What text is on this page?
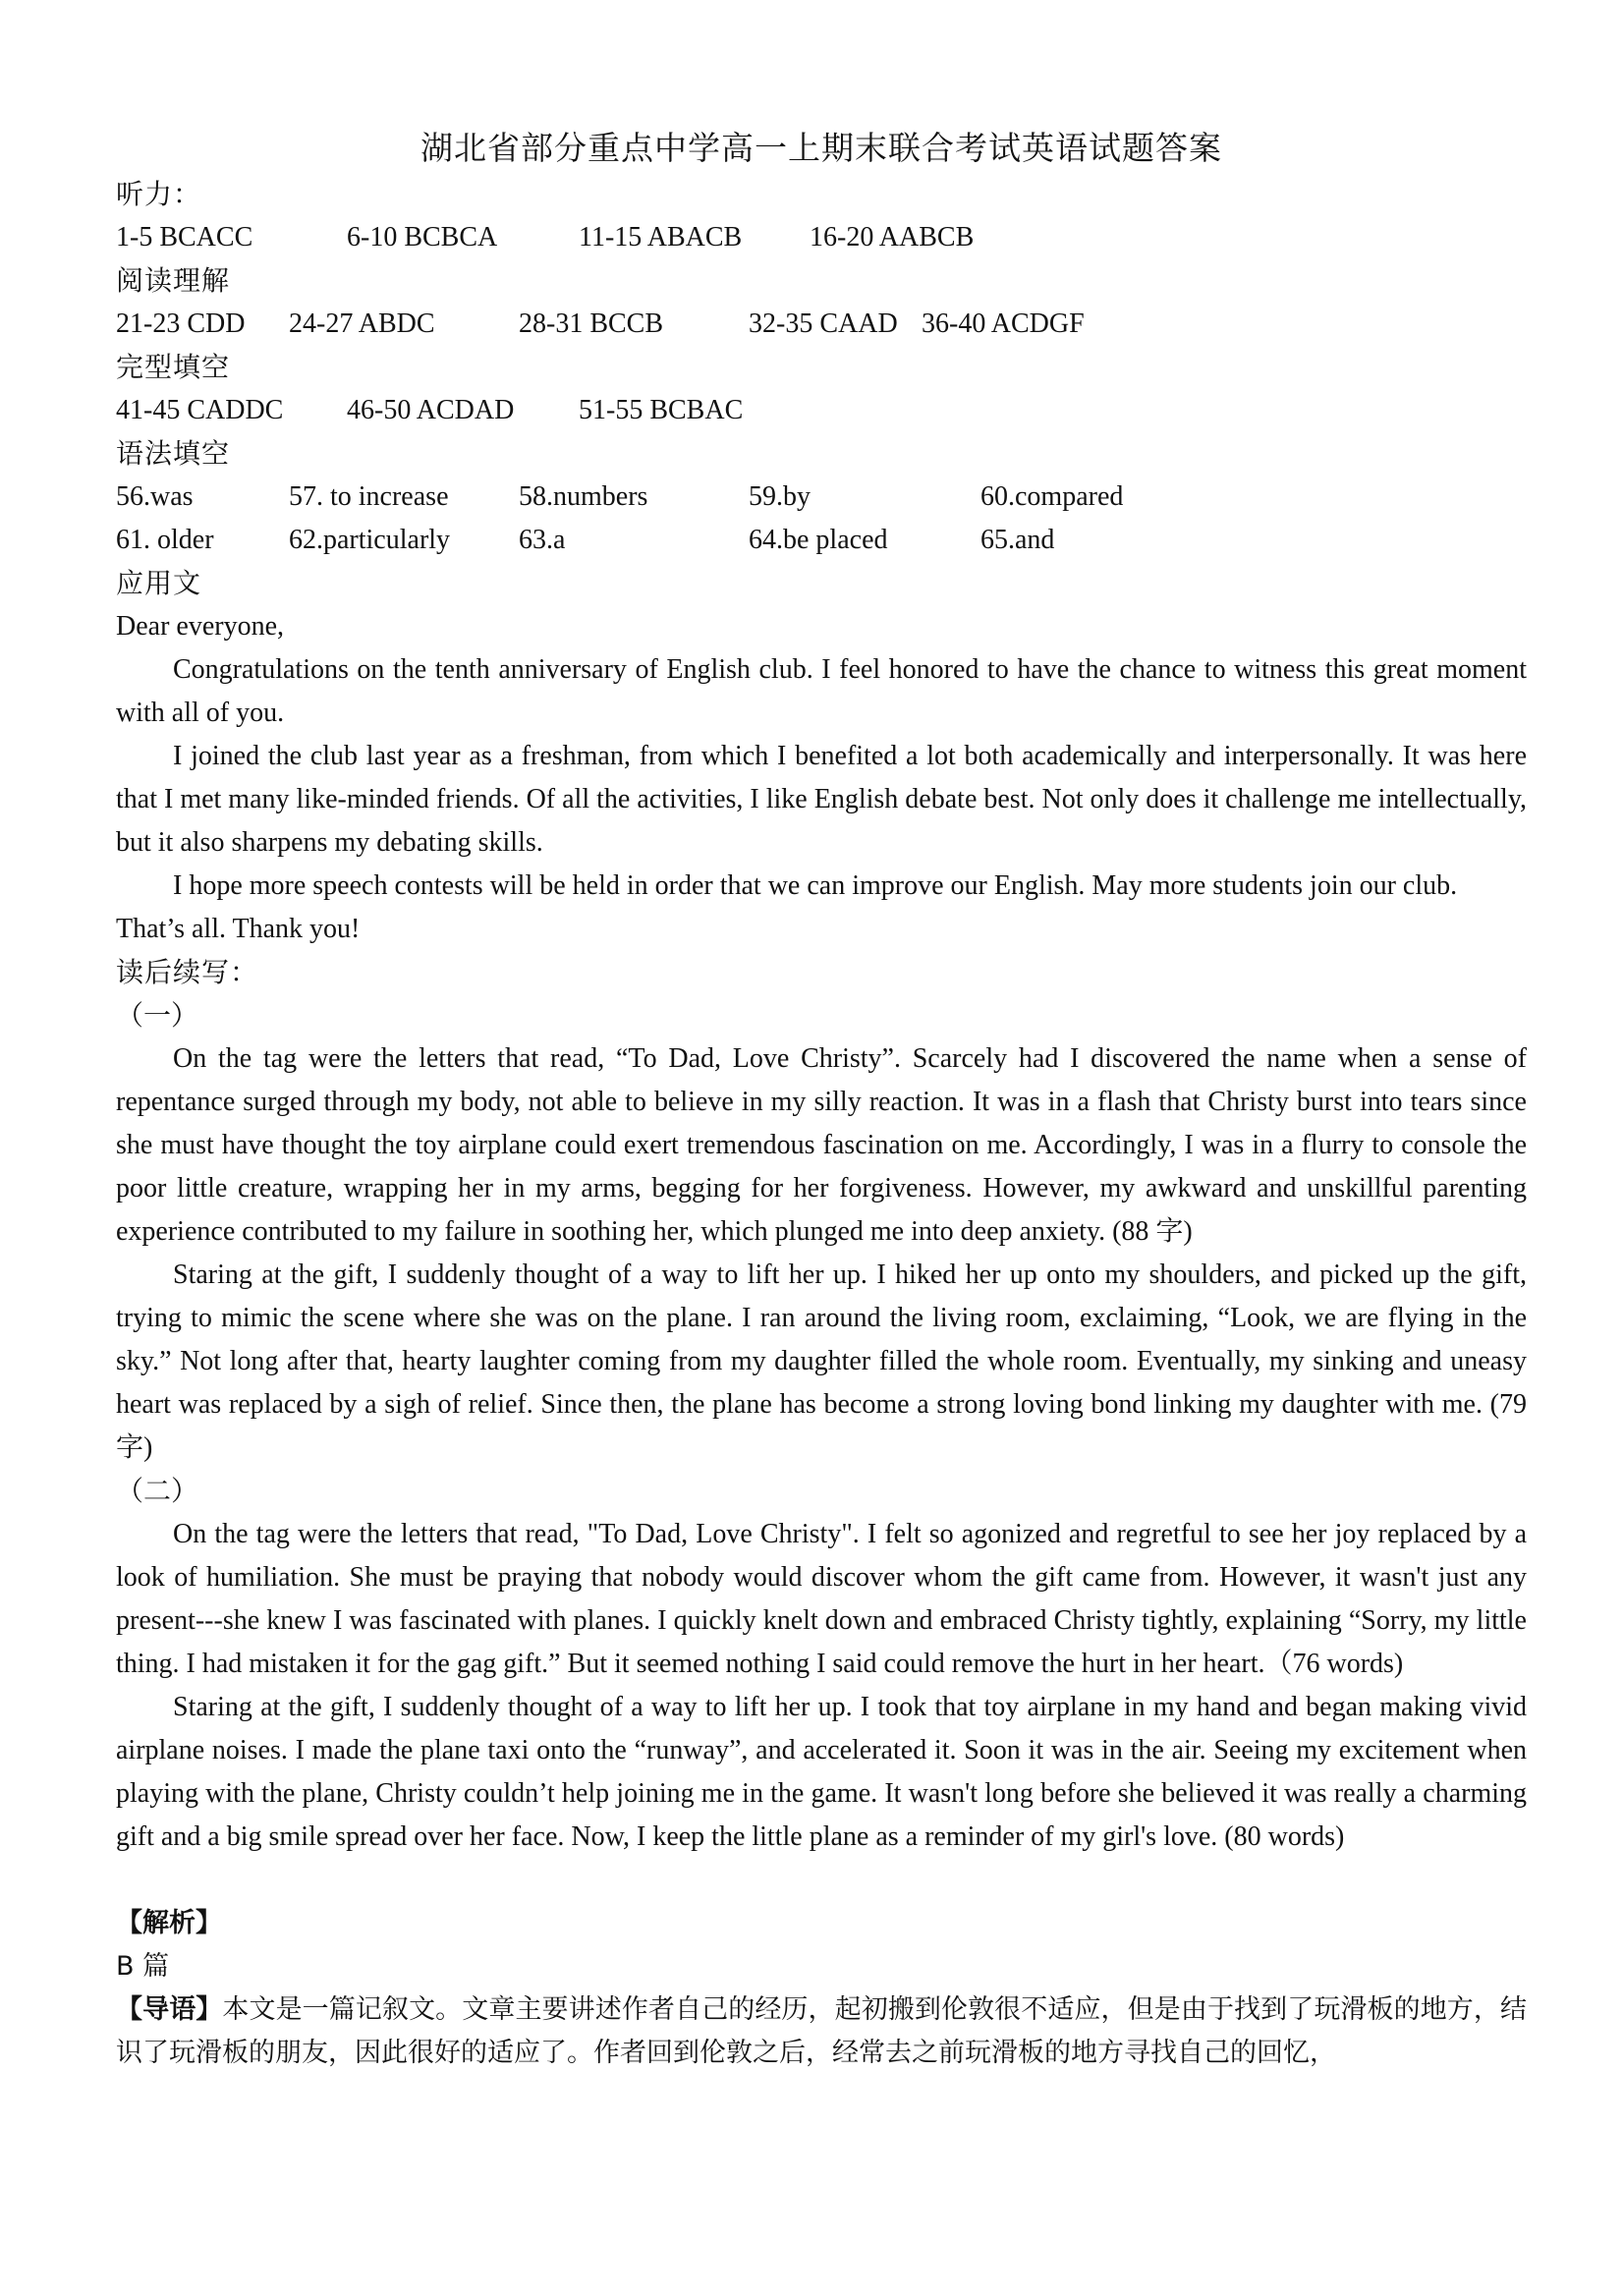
湖北省部分重点中学高一上期末联合考试英语试题答案
听力：
1-5 BCACC	6-10 BCBCA	11-15 ABACB	16-20 AABCB
阅读理解
21-23 CDD	24-27 ABDC	28-31 BCCB	32-35 CAAD 36-40 ACDGF
完型填空
41-45 CADDC	46-50 ACDAD	51-55 BCBAC
语法填空
56.was	57. to increase	58.numbers	59.by	60.compared
61. older	62.particularly	63.a	64.be placed	65.and
应用文
Dear everyone,

Congratulations on the tenth anniversary of English club. I feel honored to have the chance to witness this great moment with all of you.

I joined the club last year as a freshman, from which I benefited a lot both academically and interpersonally. It was here that I met many like-minded friends. Of all the activities, I like English debate best. Not only does it challenge me intellectually, but it also sharpens my debating skills.

I hope more speech contests will be held in order that we can improve our English. May more students join our club.

That’s all. Thank you!
读后续写：
（一）

On the tag were the letters that read, “To Dad, Love Christy”. Scarcely had I discovered the name when a sense of repentance surged through my body, not able to believe in my silly reaction. It was in a flash that Christy burst into tears since she must have thought the toy airplane could exert tremendous fascination on me. Accordingly, I was in a flurry to console the poor little creature, wrapping her in my arms, begging for her forgiveness. However, my awkward and unskillful parenting experience contributed to my failure in soothing her, which plunged me into deep anxiety. (88 字)

Staring at the gift, I suddenly thought of a way to lift her up. I hiked her up onto my shoulders, and picked up the gift, trying to mimic the scene where she was on the plane. I ran around the living room, exclaiming, “Look, we are flying in the sky.” Not long after that, hearty laughter coming from my daughter filled the whole room. Eventually, my sinking and uneasy heart was replaced by a sigh of relief. Since then, the plane has become a strong loving bond linking my daughter with me. (79 字)

（二）

On the tag were the letters that read, "To Dad, Love Christy". I felt so agonized and regretful to see her joy replaced by a look of humiliation. She must be praying that nobody would discover whom the gift came from. However, it wasn't just any present---she knew I was fascinated with planes. I quickly knelt down and embraced Christy tightly, explaining “Sorry, my little thing. I had mistaken it for the gag gift.” But it seemed nothing I said could remove the hurt in her heart.（76 words)

Staring at the gift, I suddenly thought of a way to lift her up. I took that toy airplane in my hand and began making vivid airplane noises. I made the plane taxi onto the “runway”, and accelerated it. Soon it was in the air. Seeing my excitement when playing with the plane, Christy couldn’t help joining me in the game. It wasn't long before she believed it was really a charming gift and a big smile spread over her face. Now, I keep the little plane as a reminder of my girl's love. (80 words)

【解析】
B 篇

【导语】本文是一篇记叙文。文章主要讲述作者自己的经历，起初搬到伦敦很不适应，但是由于找到了玩滑板的地方，结识了玩滑板的朋友，因此很好的适应了。作者回到伦敦之后，经常去之前玩滑板的地方寻找自己的回忆，
